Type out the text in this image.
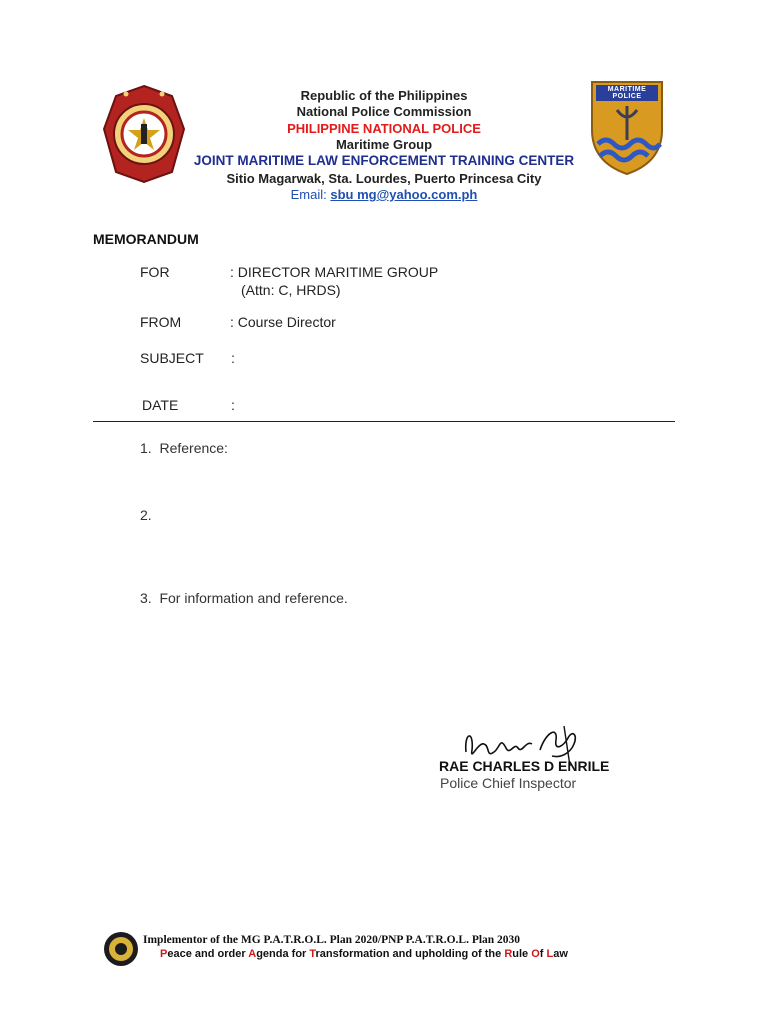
MARITIME POLICE
Republic of the Philippines
National Police Commission
PHILIPPINE NATIONAL POLICE
Maritime Group
JOINT MARITIME LAW ENFORCEMENT TRAINING CENTER
Sitio Magarwak, Sta. Lourdes, Puerto Princesa City
Email: sbu mg@yahoo.com.ph
MEMORANDUM
FOR	: DIRECTOR MARITIME GROUP
(Attn: C, HRDS)
FROM	: Course Director
SUBJECT :
DATE	:
1.  Reference:
2.
3.  For information and reference.
RAE CHARLES D ENRILE
Police Chief Inspector
Implementor of the MG P.A.T.R.O.L. Plan 2020/PNP P.A.T.R.O.L. Plan 2030
Peace and order Agenda for Transformation and upholding of the Rule Of Law
